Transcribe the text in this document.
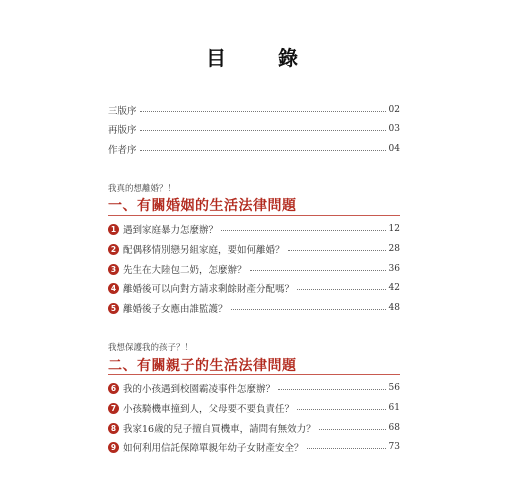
目　錄
三版序	02
再版序	03
作者序	04
我真的想離婚？！
一、有關婚姻的生活法律問題
1 遇到家庭暴力怎麼辦？	12
2 配偶移情別戀另組家庭，要如何離婚？	28
3 先生在大陸包二奶，怎麼辦？	36
4 離婚後可以向對方請求剩餘財產分配嗎？	42
5 離婚後子女應由誰監護？	48
我想保護我的孩子？！
二、有關親子的生活法律問題
6 我的小孩遇到校園霸凌事件怎麼辦？	56
7 小孩騎機車撞到人，父母要不要負責任？	61
8 我家16歲的兒子擅自買機車，請問有無效力？	68
9 如何利用信託保障單親年幼子女財產安全？	73
